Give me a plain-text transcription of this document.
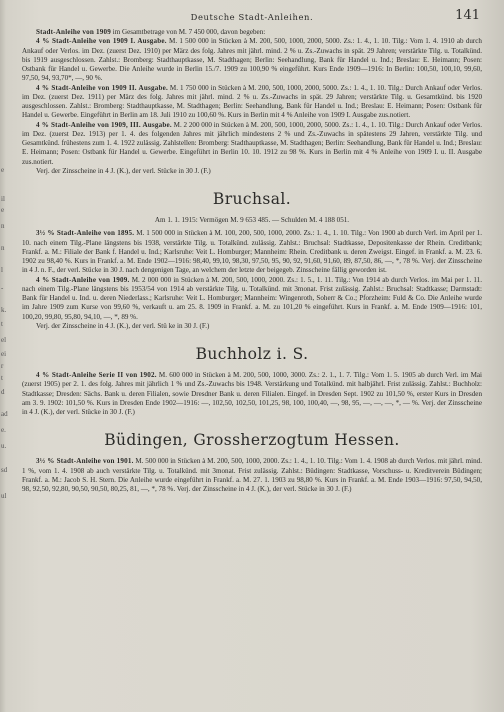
e
il
e
n
n
l
-
k.
t
el
ei
r
t
d
ad
e.
u.
sd
ul
Deutsche Stadt-Anleihen.	141

Stadt-Anleihe von 1909 im Gesamtbetrage von M. 7 450 000, davon begeben:

4 % Stadt-Anleihe von 1909 I. Ausgabe. M. 1 500 000 in Stücken à M. 200, 500, 1000, 2000, 5000. Zs.: 1. 4., 1. 10. Tilg.: Vom 1. 4. 1910 ab durch Ankauf oder Verlos. im Dez. (zuerst Dez. 1910) per März des folg. Jahres mit jährl. mind. 2 % u. Zs.-Zuwachs in spät. 29 Jahren; verstärkte Tilg. u. Totalkünd. bis 1919 ausgeschlossen. Zahlst.: Bromberg: Stadthauptkasse, M. Stadthagen; Berlin: Seehandlung, Bank für Handel u. Ind.; Breslau: E. Heimann; Posen: Ostbank für Handel u. Gewerbe. Die Anleihe wurde in Berlin 15./7. 1909 zu 100,90 % eingeführt. Kurs Ende 1909—1916: In Berlin: 100,50, 100,10, 99,60, 97,50, 94, 93,70*, —, 90 %.

4 % Stadt-Anleihe von 1909 II. Ausgabe. M. 1 750 000 in Stücken à M. 200, 500, 1000, 2000, 5000. Zs.: 1. 4., 1. 10. Tilg.: Durch Ankauf oder Verlos. im Dez. (zuerst Dez. 1911) per März des folg. Jahres mit jährl. mind. 2 % u. Zs.-Zuwachs in spät. 29 Jahren; verstärkte Tilg. u. Gesamtkünd. bis 1920 ausgeschlossen. Zahlst.: Bromberg: Stadthauptkasse, M. Stadthagen; Berlin: Seehandlung, Bank für Handel u. Ind.; Breslau: E. Heimann; Posen: Ostbank für Handel u. Gewerbe. Eingeführt in Berlin am 18. Juli 1910 zu 100,60 %. Kurs in Berlin mit 4 % Anleihe von 1909 I. Ausgabe zus.notiert.

4 % Stadt-Anleihe von 1909, III. Ausgabe. M. 2 200 000 in Stücken à M. 200, 500, 1000, 2000, 5000. Zs.: 1. 4., 1. 10. Tilg.: Durch Ankauf oder Verlos. im Dez. (zuerst Dez. 1913) per 1. 4. des folgenden Jahres mit jährlich mindestens 2 % und Zs.-Zuwachs in spätestens 29 Jahren, verstärkte Tilg. und Gesamtkünd. frühestens zum 1. 4. 1922 zulässig. Zahlstellen: Bromberg: Stadthauptkasse, M. Stadthagen; Berlin: Seehandlung, Bank für Handel u. Ind.; Breslau: E. Heimann; Posen: Ostbank für Handel u. Gewerbe. Eingeführt in Berlin 10. 10. 1912 zu 98 %. Kurs in Berlin mit 4 % Anleihe von 1909 I. u. II. Ausgabe zus.notiert.

Verj. der Zinsscheine in 4 J. (K.), der verl. Stücke in 30 J. (F.)

Bruchsal.

Am 1. 1. 1915: Vermögen M. 9 653 485. — Schulden M. 4 188 051.

3½ % Stadt-Anleihe von 1895. M. 1 500 000 in Stücken à M. 100, 200, 500, 1000, 2000. Zs.: 1. 4., 1. 10. Tilg.: Von 1900 ab durch Verl. im April per 1. 10. nach einem Tilg.-Plane längstens bis 1938, verstärkte Tilg. u. Totalkünd. zulässig. Zahlst.: Bruchsal: Stadtkasse, Depositenkasse der Rhein. Creditbank; Frankf. a. M.: Filiale der Bank f. Handel u. Ind.; Karlsruhe: Veit L. Homburger; Mannheim: Rhein. Creditbank u. deren Zweigst. Eingef. in Frankf. a. M. 23. 6. 1902 zu 98,40 %. Kurs in Frankf. a. M. Ende 1902—1916: 98,40, 99,10, 98,30, 97,50, 95, 90, 92, 91,60, 91,60, 89, 87,50, 86, —, *, 78 %. Verj. der Zinsscheine in 4 J. n. F., der verl. Stücke in 30 J. nach dengenigen Tage, an welchem der letzte der beigegeb. Zinsscheine fällig geworden ist.

4 % Stadt-Anleihe von 1909. M. 2 000 000 in Stücken à M. 200, 500, 1000, 2000. Zs.: 1. 5., 1. 11. Tilg.: Von 1914 ab durch Verlos. im Mai per 1. 11. nach einem Tilg.-Plane längstens bis 1953/54 von 1914 ab verstärkte Tilg. u. Totalkünd. mit 3monat. Frist zulässig. Zahlst.: Bruchsal: Stadtkasse; Darmstadt: Bank für Handel u. Ind. u. deren Niederlass.; Karlsruhe: Veit L. Homburger; Mannheim: Wingenroth, Soherr & Co.; Pforzheim: Fuld & Co. Die Anleihe wurde im Jahre 1909 zum Kurse von 99,60 %, verkauft u. am 25. 8. 1909 in Frankf. a. M. zu 101,20 % eingeführt. Kurs in Frankf. a. M. Ende 1909—1916: 101, 100,20, 99,80, 95,80, 94,10, —, *, 89 %.

Verj. der Zinsscheine in 4 J. (K.), der verl. Stü ke in 30 J. (F.)

Buchholz i. S.

4 % Stadt-Anleihe Serie II von 1902. M. 600 000 in Stücken à M. 200, 500, 1000, 3000. Zs.: 2. 1., 1. 7. Tilg.: Vom 1. 5. 1905 ab durch Verl. im Mai (zuerst 1905) per 2. 1. des folg. Jahres mit jährlich 1 % und Zs.-Zuwachs bis 1948. Verstärkung und Totalkünd. mit halbjährl. Frist zulässig. Zahlst.: Buchholz: Stadtkasse; Dresden: Sächs. Bank u. deren Filialen, sowie Dresdner Bank u. deren Filialen. Eingef. in Dresden Sept. 1902 zu 101,50 %, erster Kurs in Dresden am 3. 9. 1902: 101,50 %. Kurs in Dresden Ende 1902—1916: —, 102,50, 102,50, 101,25, 98, 100, 100,40, —, 98, 95, —, —, —, *, — %. Verj. der Zinsscheine in 4 J. (K.), der verl. Stücke in 30 J. (F.)

Büdingen, Grossherzogtum Hessen.

3½ % Stadt-Anleihe von 1901. M. 500 000 in Stücken à M. 200, 500, 1000, 2000. Zs.: 1. 4., 1. 10. Tilg.: Vom 1. 4. 1908 ab durch Verlos. mit jährl. mind. 1 %, vom 1. 4. 1908 ab auch verstärkte Tilg. u. Totalkünd. mit 3monat. Frist zulässig. Zahlst.: Büdingen: Stadtkasse, Vorschuss- u. Kreditverein Büdingen; Frankf. a. M.: Jacob S. H. Stern. Die Anleihe wurde eingeführt in Frankf. a. M. 27. 1. 1903 zu 98,80 %. Kurs in Frankf. a. M. Ende 1903—1916: 97,50, 94,50, 98, 92,50, 92,80, 90,50, 90,50, 80,25, 81, —, *, 78 %. Verj. der Zinsscheine in 4 J. (K.), der verl. Stücke in 30 J. (F.)
